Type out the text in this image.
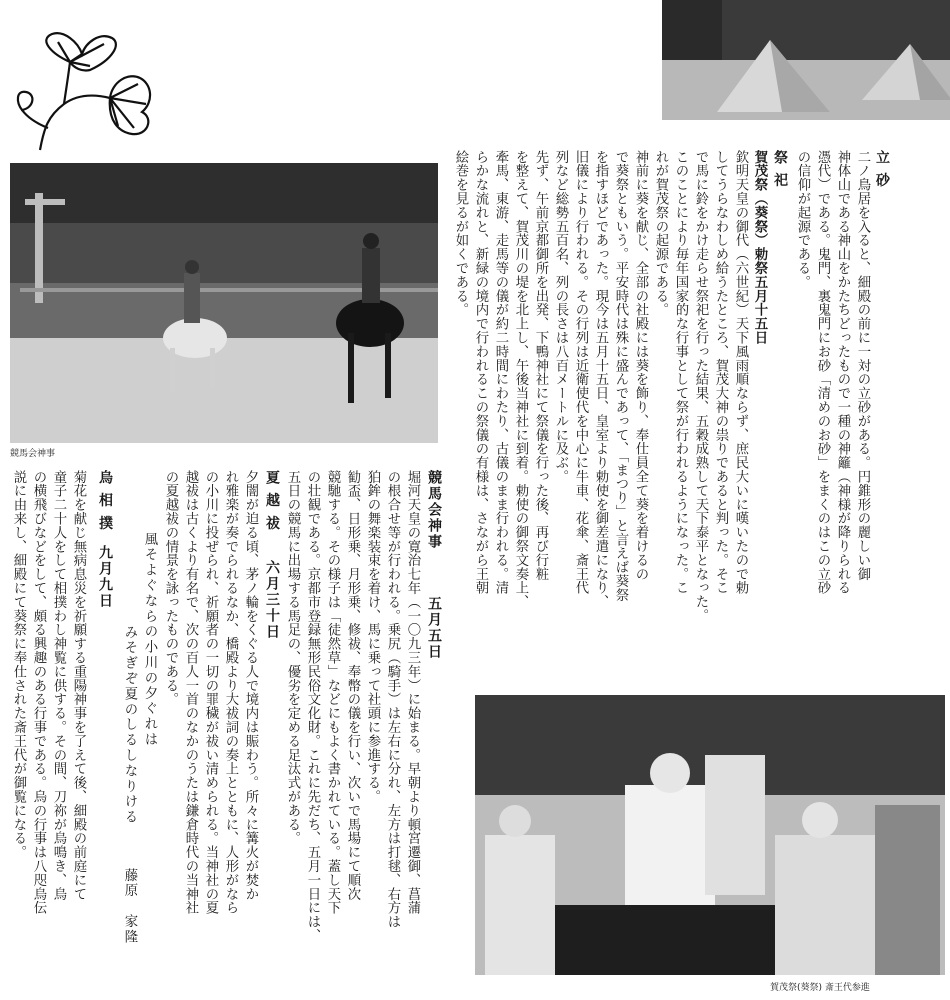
競馬会神事
賀茂祭(葵祭) 斎王代参進
立 砂
二ノ鳥居を入ると、細殿の前に一対の立砂がある。円錐形の麗しい御
神体山である神山をかたちどったもので一種の神籬（神様が降りられる
憑代）である。鬼門、裏鬼門にお砂「清めのお砂」をまくのはこの立砂
の信仰が起源である。
祭 祀
賀茂祭（葵祭）勅祭五月十五日
欽明天皇の御代（六世紀）天下風雨順ならず、庶民大いに嘆いたので勅
してうらなわしめ給うたところ、賀茂大神の祟りであると判った。そこ
で馬に鈴をかけ走らせ祭祀を行った結果、五穀成熟して天下泰平となった。
このことにより毎年国家的な行事として祭が行われるようになった。こ
れが賀茂祭の起源である。
神前に葵を献じ、全部の社殿には葵を飾り、奉仕員全て葵を着けるの
で葵祭ともいう。平安時代は殊に盛んであって、「まつり」と言えば葵祭
を指すほどであった。現今は五月十五日、皇室より勅使を御差遣になり、
旧儀により行われる。その行列は近衛使代を中心に牛車、花傘、斎王代
列など総勢五百名、列の長さは八百メートルに及ぶ。
先ず、午前京都御所を出発、下鴨神社にて祭儀を行った後、再び行粧
を整えて、賀茂川の堤を北上し、午後当神社に到着。勅使の御祭文奏上、
牽馬、東游、走馬等の儀が約二時間にわたり、古儀のまま行われる。清
らかな流れと、新緑の境内で行われるこの祭儀の有様は、さながら王朝
絵巻を見るが如くである。
競馬会神事
五月五日
堀河天皇の寛治七年（一〇九三年）に始まる。早朝より頓宮遷御、菖蒲
の根合せ等が行われる。乗尻（騎手）は左右に分れ、左方は打毬、右方は
狛鉾の舞楽装束を着け、馬に乗って社頭に参進する。
勧盃、日形乗、月形乗、修祓、奉幣の儀を行い、次いで馬場にて順次
競馳する。その様子は「徒然草」などにもよく書かれている。蓋し天下
の壮観である。京都市登録無形民俗文化財。これに先だち、五月一日には、
五日の競馬に出場する馬足の、優劣を定める足汰式がある。
夏 越 祓
六月三十日
夕闇が迫る頃、茅ノ輪をくぐる人で境内は賑わう。所々に篝火が焚か
れ雅楽が奏でられるなか、橋殿より大祓詞の奏上とともに、人形がなら
の小川に投ぜられ、祈願者の一切の罪穢が祓い清められる。当神社の夏
越祓は古くより有名で、次の百人一首のなかのうたは鎌倉時代の当神社
の夏越祓の情景を詠ったものである。
風そよぐならの小川の夕ぐれは
みそぎぞ夏のしるしなりける
藤原　家隆
烏 相 撲
九月九日
菊花を献じ無病息災を祈願する重陽神事を了えて後、細殿の前庭にて
童子二十人をして相撲わし神覧に供する。その間、刀祢が烏鳴き、烏
の横飛びなどをして、頗る興趣のある行事である。烏の行事は八咫烏伝
説に由来し、細殿にて葵祭に奉仕された斎王代が御覧になる。
